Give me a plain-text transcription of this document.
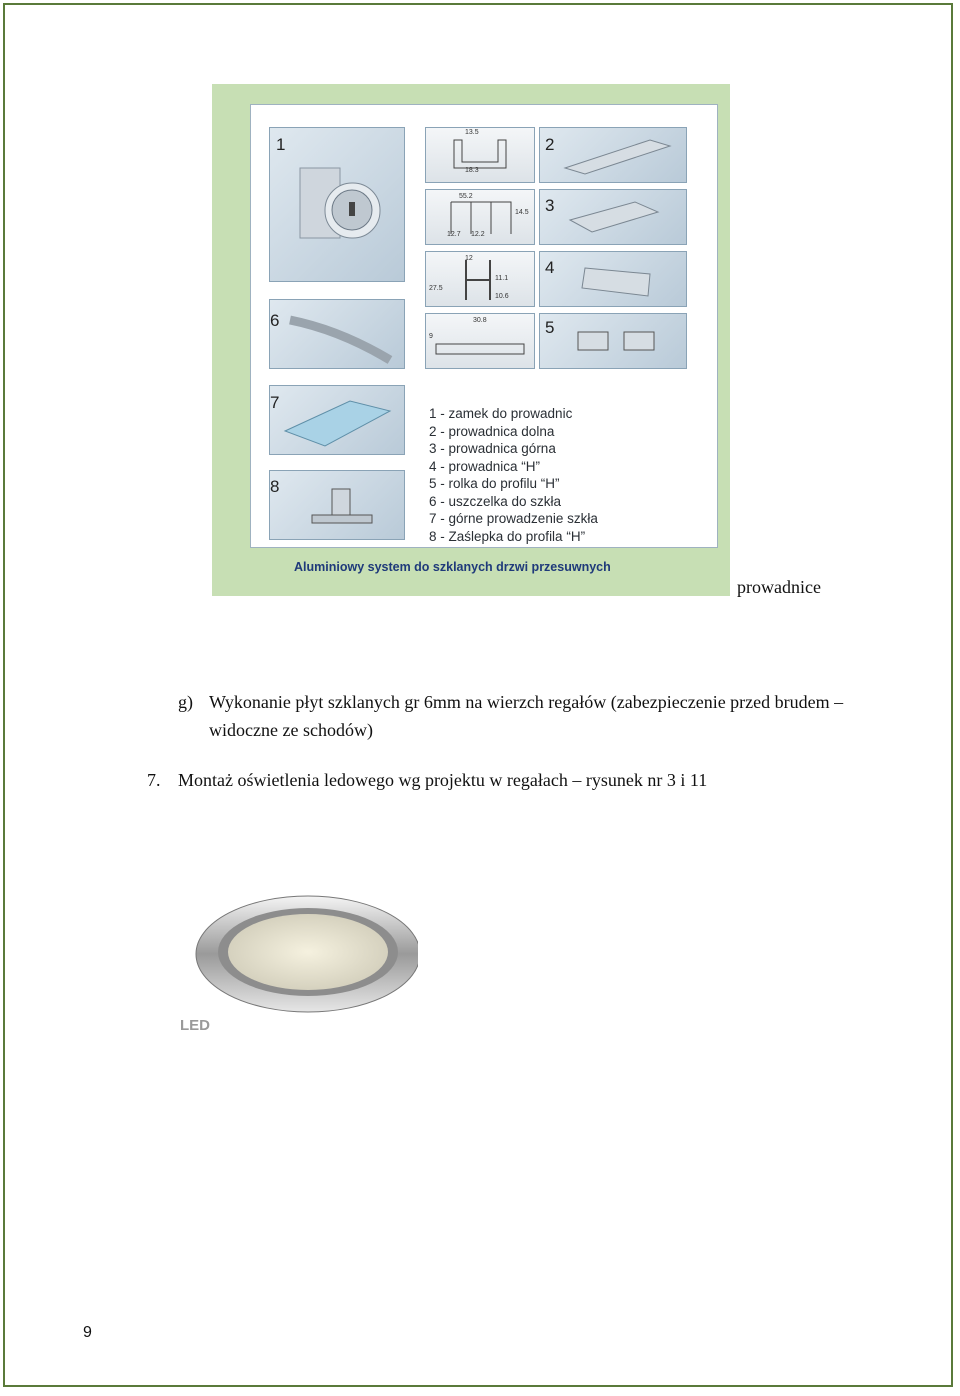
1	2
3
4
5
6
7
8
1 - zamek do prowadnic
2 - prowadnica dolna
3 - prowadnica górna
4 - prowadnica “H”
5 - rolka do profilu “H”
6 - uszczelka do szkła
7 - górne prowadzenie szkła
8 - Zaślepka do profila “H”
13.5
18.3
55.2
14.5
12.7 12.2
12
11.1
27.5
10.6
30.8
9
Aluminiowy system do szklanych drzwi przesuwnych
prowadnice
g) Wykonanie płyt szklanych gr 6mm na wierzch regałów (zabezpieczenie przed brudem –widoczne ze schodów)
7. Montaż oświetlenia ledowego wg projektu w regałach – rysunek nr 3 i 11
LED
9
